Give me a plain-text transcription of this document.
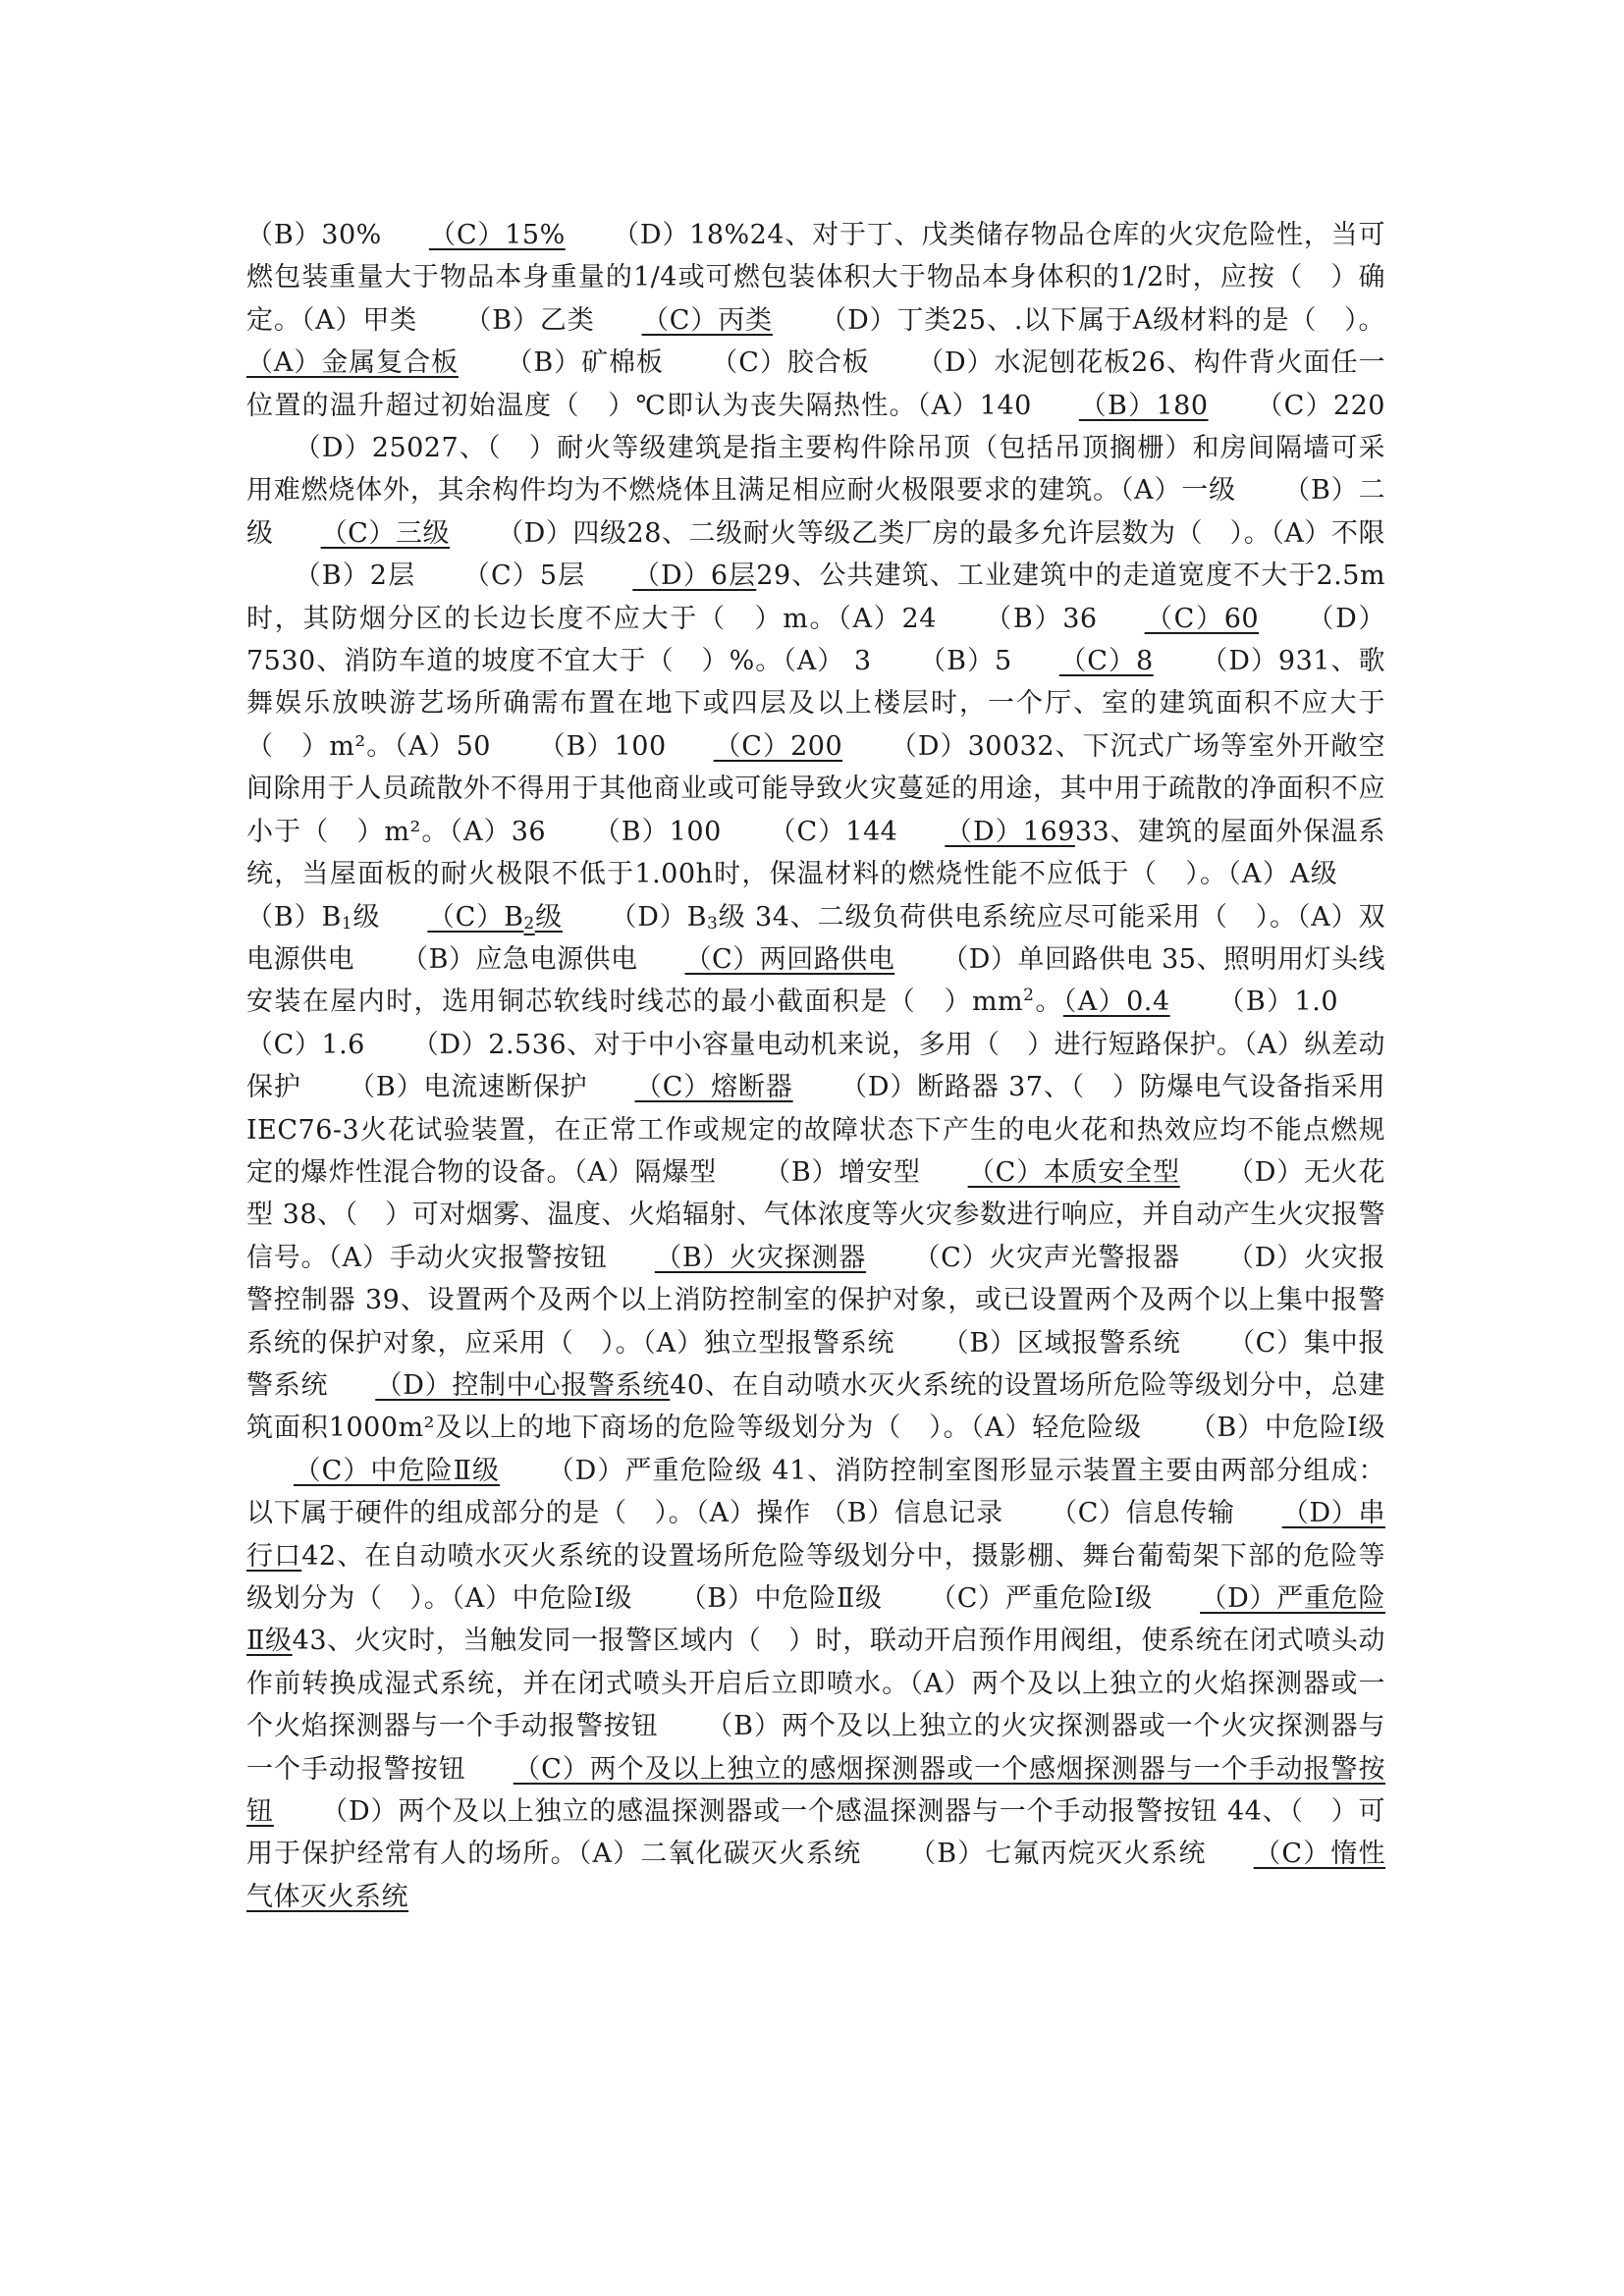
（B）30% （C）15% （D）18%24、对于丁、戊类储存物品仓库的火灾危险性，当可燃包装重量大于物品本身重量的1/4或可燃包装体积大于物品本身体积的1/2时，应按（　）确定。（A）甲类 （B）乙类 （C）丙类 （D）丁类25、.以下属于A级材料的是（　）。（A）金属复合板 （B）矿棉板 （C）胶合板 （D）水泥刨花板26、构件背火面任一位置的温升超过初始温度（　）℃即认为丧失隔热性。（A）140 （B）180 （C）220（D）25027、（　）耐火等级建筑是指主要构件除吊顶（包括吊顶搁栅）和房间隔墙可采用难燃烧体外，其余构件均为不燃烧体且满足相应耐火极限要求的建筑。（A）一级 （B）二级 （C）三级 （D）四级28、二级耐火等级乙类厂房的最多允许层数为（　）。（A）不限（B）2层 （C）5层 （D）6层29、公共建筑、工业建筑中的走道宽度不大于2.5m时，其防烟分区的长边长度不应大于（　）m。（A）24 （B）36 （C）60 （D）7530、消防车道的坡度不宜大于（　）%。（A） 3 （B）5 （C）8 （D）931、歌舞娱乐放映游艺场所确需布置在地下或四层及以上楼层时，一个厅、室的建筑面积不应大于（　）m²。（A）50 （B）100 （C）200 （D）30032、下沉式广场等室外开敞空间除用于人员疏散外不得用于其他商业或可能导致火灾蔓延的用途，其中用于疏散的净面积不应小于（　）m²。（A）36 （B）100 （C）144 （D）16933、建筑的屋面外保温系统，当屋面板的耐火极限不低于1.00h时，保温材料的燃烧性能不应低于（　）。（A）A级$(B)B_1$级 $(C)B_2$级 $(D)B_3$级 34、二级负荷供电系统应尽可能采用（　）。（A）双电源供电 （B）应急电源供电 （C）两回路供电 （D）单回路供电 35、照明用灯头线安装在屋内时，选用铜芯软线时线芯的最小截面积是（　）$mm^2$。（A）0.4 （B）1.0（C）1.6 （D）2.536、对于中小容量电动机来说，多用（　）进行短路保护。（A）纵差动保护 （B）电流速断保护 （C）熔断器 （D）断路器 37、（　）防爆电气设备指采用IEC76-3火花试验装置，在正常工作或规定的故障状态下产生的电火花和热效应均不能点燃规定的爆炸性混合物的设备。（A）隔爆型 （B）增安型 （C）本质安全型 （D）无火花型 38、（　）可对烟雾、温度、火焰辐射、气体浓度等火灾参数进行响应，并自动产生火灾报警信号。（A）手动火灾报警按钮 （B）火灾探测器 （C）火灾声光警报器 （D）火灾报警控制器 39、设置两个及两个以上消防控制室的保护对象，或已设置两个及两个以上集中报警系统的保护对象，应采用（　）。（A）独立型报警系统 （B）区域报警系统 （C）集中报警系统 （D）控制中心报警系统40、在自动喷水灭火系统的设置场所危险等级划分中，总建筑面积1000m²及以上的地下商场的危险等级划分为（　）。（A）轻危险级 （B）中危险Ⅰ级（C）中危险Ⅱ级 （D）严重危险级 41、消防控制室图形显示装置主要由两部分组成：以下属于硬件的组成部分的是（　）。（A）操作 （B）信息记录 （C）信息传输 （D）串行口42、在自动喷水灭火系统的设置场所危险等级划分中，摄影棚、舞台葡萄架下部的危险等级划分为（　）。（A）中危险Ⅰ级 （B）中危险Ⅱ级 （C）严重危险Ⅰ级 （D）严重危险Ⅱ级43、火灾时，当触发同一报警区域内（　）时，联动开启预作用阀组，使系统在闭式喷头动作前转换成湿式系统，并在闭式喷头开启后立即喷水。（A）两个及以上独立的火焰探测器或一个火焰探测器与一个手动报警按钮 （B）两个及以上独立的火灾探测器或一个火灾探测器与一个手动报警按钮 （C）两个及以上独立的感烟探测器或一个感烟探测器与一个手动报警按钮 （D）两个及以上独立的感温探测器或一个感温探测器与一个手动报警按钮 44、（　）可用于保护经常有人的场所。（A）二氧化碳灭火系统 （B）七氟丙烷灭火系统 （C）惰性气体灭火系统
